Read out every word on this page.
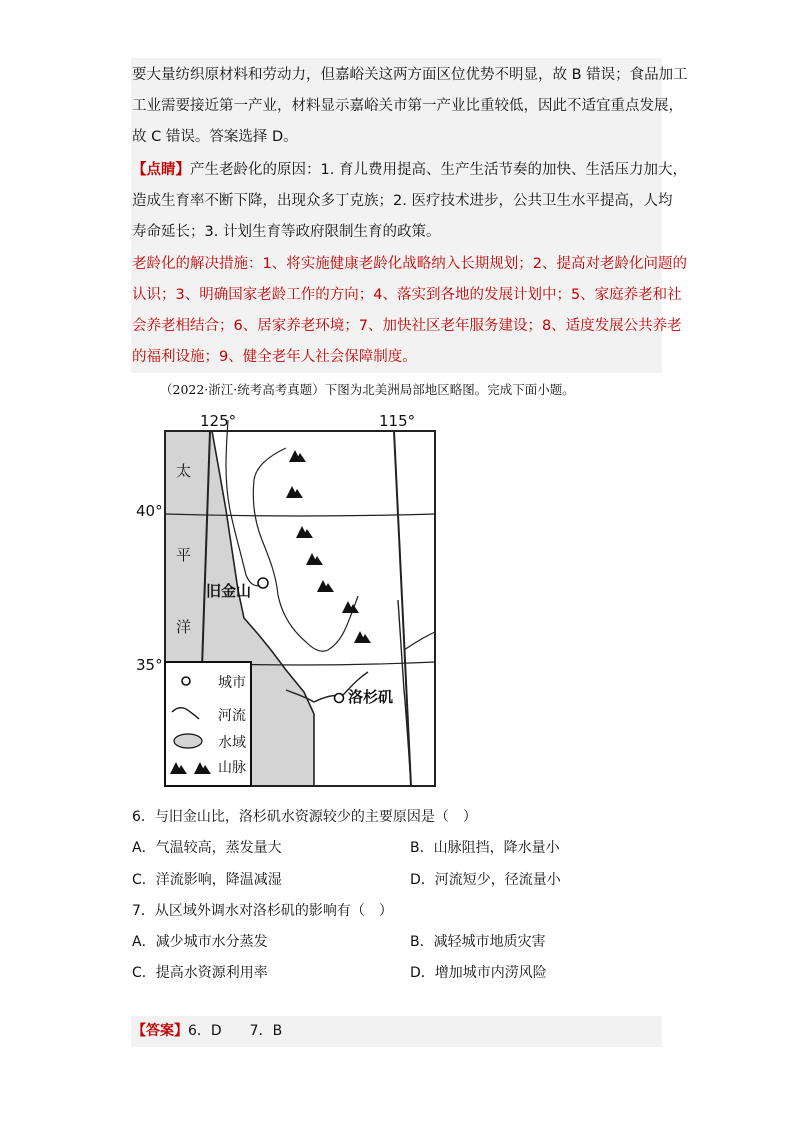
要大量纺织原材料和劳动力，但嘉峪关这两方面区位优势不明显，故 B 错误；食品加工
工业需要接近第一产业，材料显示嘉峪关市第一产业比重较低，因此不适宜重点发展，
故 C 错误。答案选择 D。
【点睛】产生老龄化的原因：1. 育儿费用提高、生产生活节奏的加快、生活压力加大，
造成生育率不断下降，出现众多丁克族；2. 医疗技术进步，公共卫生水平提高，人均
寿命延长；3. 计划生育等政府限制生育的政策。
老龄化的解决措施：1、将实施健康老龄化战略纳入长期规划；2、提高对老龄化问题的
认识；3、明确国家老龄工作的方向；4、落实到各地的发展计划中；5、家庭养老和社
会养老相结合；6、居家养老环境；7、加快社区老年服务建设；8、适度发展公共养老
的福利设施；9、健全老年人社会保障制度。
（2022·浙江·统考高考真题）下图为北美洲局部地区略图。完成下面小题。
125°	115°
40°
35°
太
平
洋
旧金山
洛杉矶
城市
河流
水域
山脉
6．与旧金山比，洛杉矶水资源较少的主要原因是（　）
A．气温较高，蒸发量大	B．山脉阻挡，降水量小
C．洋流影响，降温减湿	D．河流短少，径流量小
7．从区域外调水对洛杉矶的影响有（　）
A．减少城市水分蒸发	B．减轻城市地质灾害
C．提高水资源利用率	D．增加城市内涝风险
【答案】6．D　　7．B
